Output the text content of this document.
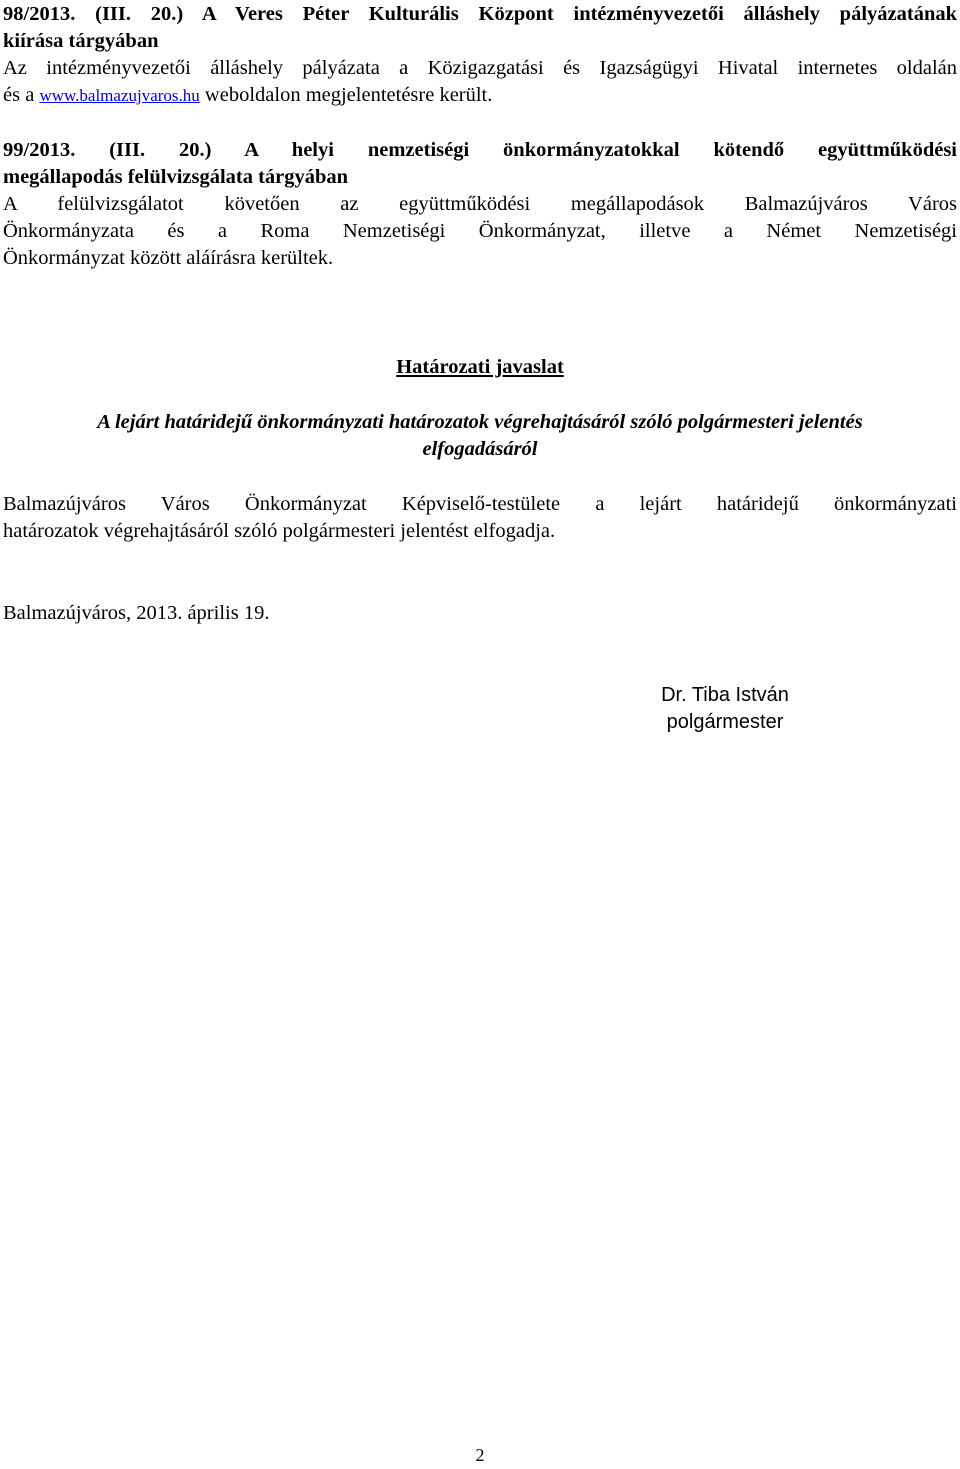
98/2013. (III. 20.) A Veres Péter Kulturális Központ intézményvezetői álláshely pályázatának
kiírása tárgyában
Az intézményvezetői álláshely pályázata a Közigazgatási és Igazságügyi Hivatal internetes oldalán
és a www.balmazujvaros.hu weboldalon megjelentetésre került.
99/2013. (III. 20.) A helyi nemzetiségi önkormányzatokkal kötendő együttműködési
megállapodás felülvizsgálata tárgyában
A felülvizsgálatot követően az együttműködési megállapodások Balmazújváros Város
Önkormányzata és a Roma Nemzetiségi Önkormányzat, illetve a Német Nemzetiségi
Önkormányzat között aláírásra kerültek.
Határozati javaslat
A lejárt határidejű önkormányzati határozatok végrehajtásáról szóló polgármesteri jelentés
elfogadásáról
Balmazújváros Város Önkormányzat Képviselő-testülete a lejárt határidejű önkormányzati
határozatok végrehajtásáról szóló polgármesteri jelentést elfogadja.
Balmazújváros, 2013. április 19.
Dr. Tiba István
polgármester
2
